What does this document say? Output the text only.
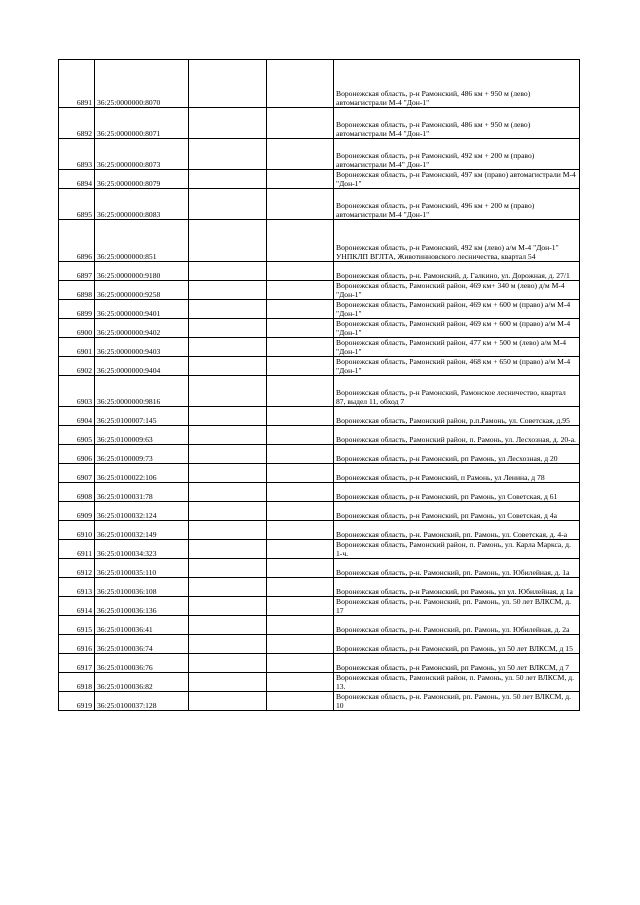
6891	36:25:0000000:8070			Воронежская область, р-н Рамонский, 486 км + 950 м (лево) автомагистрали М-4 "Дон-1"
6892	36:25:0000000:8071			Воронежская область, р-н Рамонский, 486 км + 950 м (лево) автомагистрали М-4 "Дон-1"
6893	36:25:0000000:8073			Воронежская область, р-н Рамонский, 492 км + 200 м (право) автомагистрали М-4" Дон-1"
6894	36:25:0000000:8079			Воронежская область, р-н Рамонский, 497 км (право) автомагистрали М-4 "Дон-1"
6895	36:25:0000000:8083			Воронежская область, р-н Рамонский, 496 км + 200 м (право) автомагистрали М-4 "Дон-1"
6896	36:25:0000000:851			Воронежская область, р-н Рамонский, 492 км (лево) а/м М-4 "Дон-1" УНПКЛП ВГЛТА, Животинновского лесничества, квартал 54
6897	36:25:0000000:9180			Воронежская область, р-н. Рамонский, д. Галкино, ул. Дорожная, д. 27/1
6898	36:25:0000000:9258			Воронежская область, Рамонский район, 469 км+ 340 м (лево) д/м М-4 "Дон-1"
6899	36:25:0000000:9401			Воронежская область, Рамонский район, 469 км + 600 м (право) а/м М-4 "Дон-1"
6900	36:25:0000000:9402			Воронежская область, Рамонский район, 469 км + 600 м (право) а/м М-4 "Дон-1"
6901	36:25:0000000:9403			Воронежская область, Рамонский район, 477 км + 500 м (лево) а/м М-4 "Дон-1"
6902	36:25:0000000:9404			Воронежская область, Рамонский район, 468 км + 650 м (право) а/м М-4 "Дон-1"
6903	36:25:0000000:9816			Воронежская область, р-н Рамонский, Рамонское лесничество, квартал 87, выдел 11, обход 7
6904	36:25:0100007:145			Воронежская область, Рамонский район, р.п.Рамонь, ул. Советская, д.95
6905	36:25:0100009:63			Воронежская область, Рамонский район, п. Рамонь, ул. Лесхозная, д. 20-а.
6906	36:25:0100009:73			Воронежская область, р-н Рамонский, рп Рамонь, ул Лесхозная, д 20
6907	36:25:0100022:106			Воронежская область, р-н Рамонский, п Рамонь, ул Ленина, д 78
6908	36:25:0100031:78			Воронежская область, р-н Рамонский, рп Рамонь, ул Советская, д 61
6909	36:25:0100032:124			Воронежская область, р-н Рамонский, рп Рамонь, ул Советская, д 4а
6910	36:25:0100032:149			Воронежская область, р-н. Рамонский, рп. Рамонь, ул. Советская, д. 4-а
6911	36:25:0100034:323			Воронежская область, Рамонский район, п. Рамонь, ул. Карла Маркса, д. 1-ч.
6912	36:25:0100035:110			Воронежская область, р-н. Рамонский, рп. Рамонь, ул. Юбилейная, д. 1а
6913	36:25:0100036:108			Воронежская область, р-н Рамонский, рп Рамонь, ул ул. Юбилейная, д 1а
6914	36:25:0100036:136			Воронежская область, р-н. Рамонский, рп. Рамонь, ул. 50 лет ВЛКСМ, д. 17
6915	36:25:0100036:41			Воронежская область, р-н. Рамонский, рп. Рамонь, ул. Юбилейная, д. 2а
6916	36:25:0100036:74			Воронежская область, р-н Рамонский, рп Рамонь, ул 50 лет ВЛКСМ, д 15
6917	36:25:0100036:76			Воронежская область, р-н Рамонский, рп Рамонь, ул 50 лет ВЛКСМ, д 7
6918	36:25:0100036:82			Воронежская область, Рамонский район, п. Рамонь, ул. 50 лет ВЛКСМ, д. 13.
6919	36:25:0100037:128			Воронежская область, р-н. Рамонский, рп. Рамонь, ул. 50 лет ВЛКСМ, д. 10
